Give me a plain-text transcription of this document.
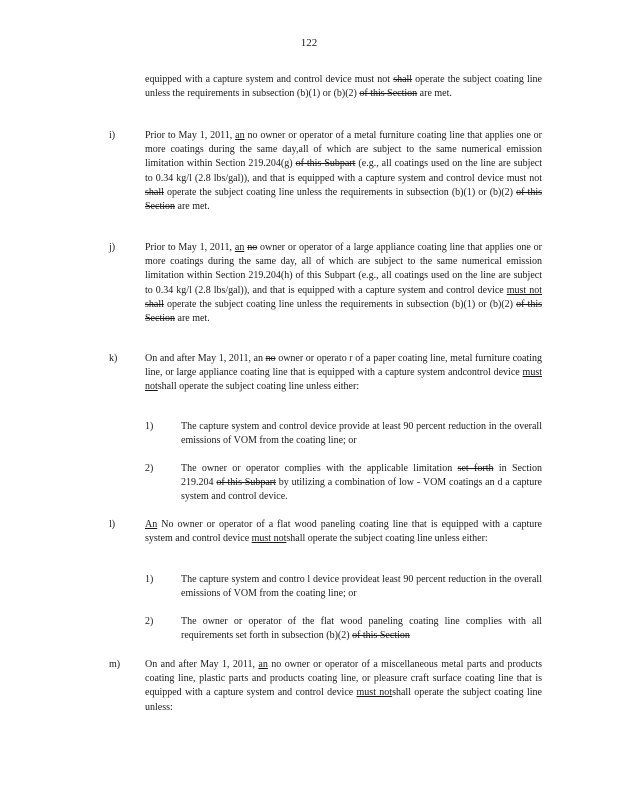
122
equipped with a capture system and control device must not shall operate the subject coating line unless the requirements in subsection (b)(1) or (b)(2) of this Section are met.
i)	Prior to May 1, 2011, an no owner or operator of a metal furniture coating line that applies one or more coatings during the same day,all of which are subject to the same numerical emission limitation within Section 219.204(g) of this Subpart (e.g., all coatings used on the line are subject to 0.34 kg/l (2.8 lbs/gal)), and that is equipped with a capture system and control device must not shall operate the subject coating line unless the requirements in subsection (b)(1) or (b)(2) of this Section are met.
j)	Prior to May 1, 2011, an no owner or operator of a large appliance coating line that applies one or more coatings during the same day, all of which are subject to the same numerical emission limitation within Section 219.204(h) of this Subpart (e.g., all coatings used on the line are subject to 0.34 kg/l (2.8 lbs/gal)), and that is equipped with a capture system and control device must not shall operate the subject coating line unless the requirements in subsection (b)(1) or (b)(2) of this Section are met.
k)	On and after May 1, 2011, an no owner or operato r of a paper coating line, metal furniture coating line, or large appliance coating line that is equipped with a capture system andcontrol device must notshall operate the subject coating line unless either:
1)	The capture system and control device provide at least 90 percent reduction in the overall emissions of VOM from the coating line; or
2)	The owner or operator complies with the applicable limitation set forth in Section 219.204 of this Subpart by utilizing a combination of low - VOM coatings an d a capture system and control device.
l)	An No owner or operator of a flat wood paneling coating line that is equipped with a capture system and control device must notshall operate the subject coating line unless either:
1)	The capture system and contro l device provideat least 90 percent reduction in the overall emissions of VOM from the coating line; or
2)	The owner or operator of the flat wood paneling coating line complies with all requirements set forth in subsection (b)(2) of this Section
m) On and after May 1, 2011, an no owner or operator of a miscellaneous metal parts and products coating line, plastic parts and products coating line, or pleasure craft surface coating line that is equipped with a capture system and control device must notshall operate the subject coating line unless:
